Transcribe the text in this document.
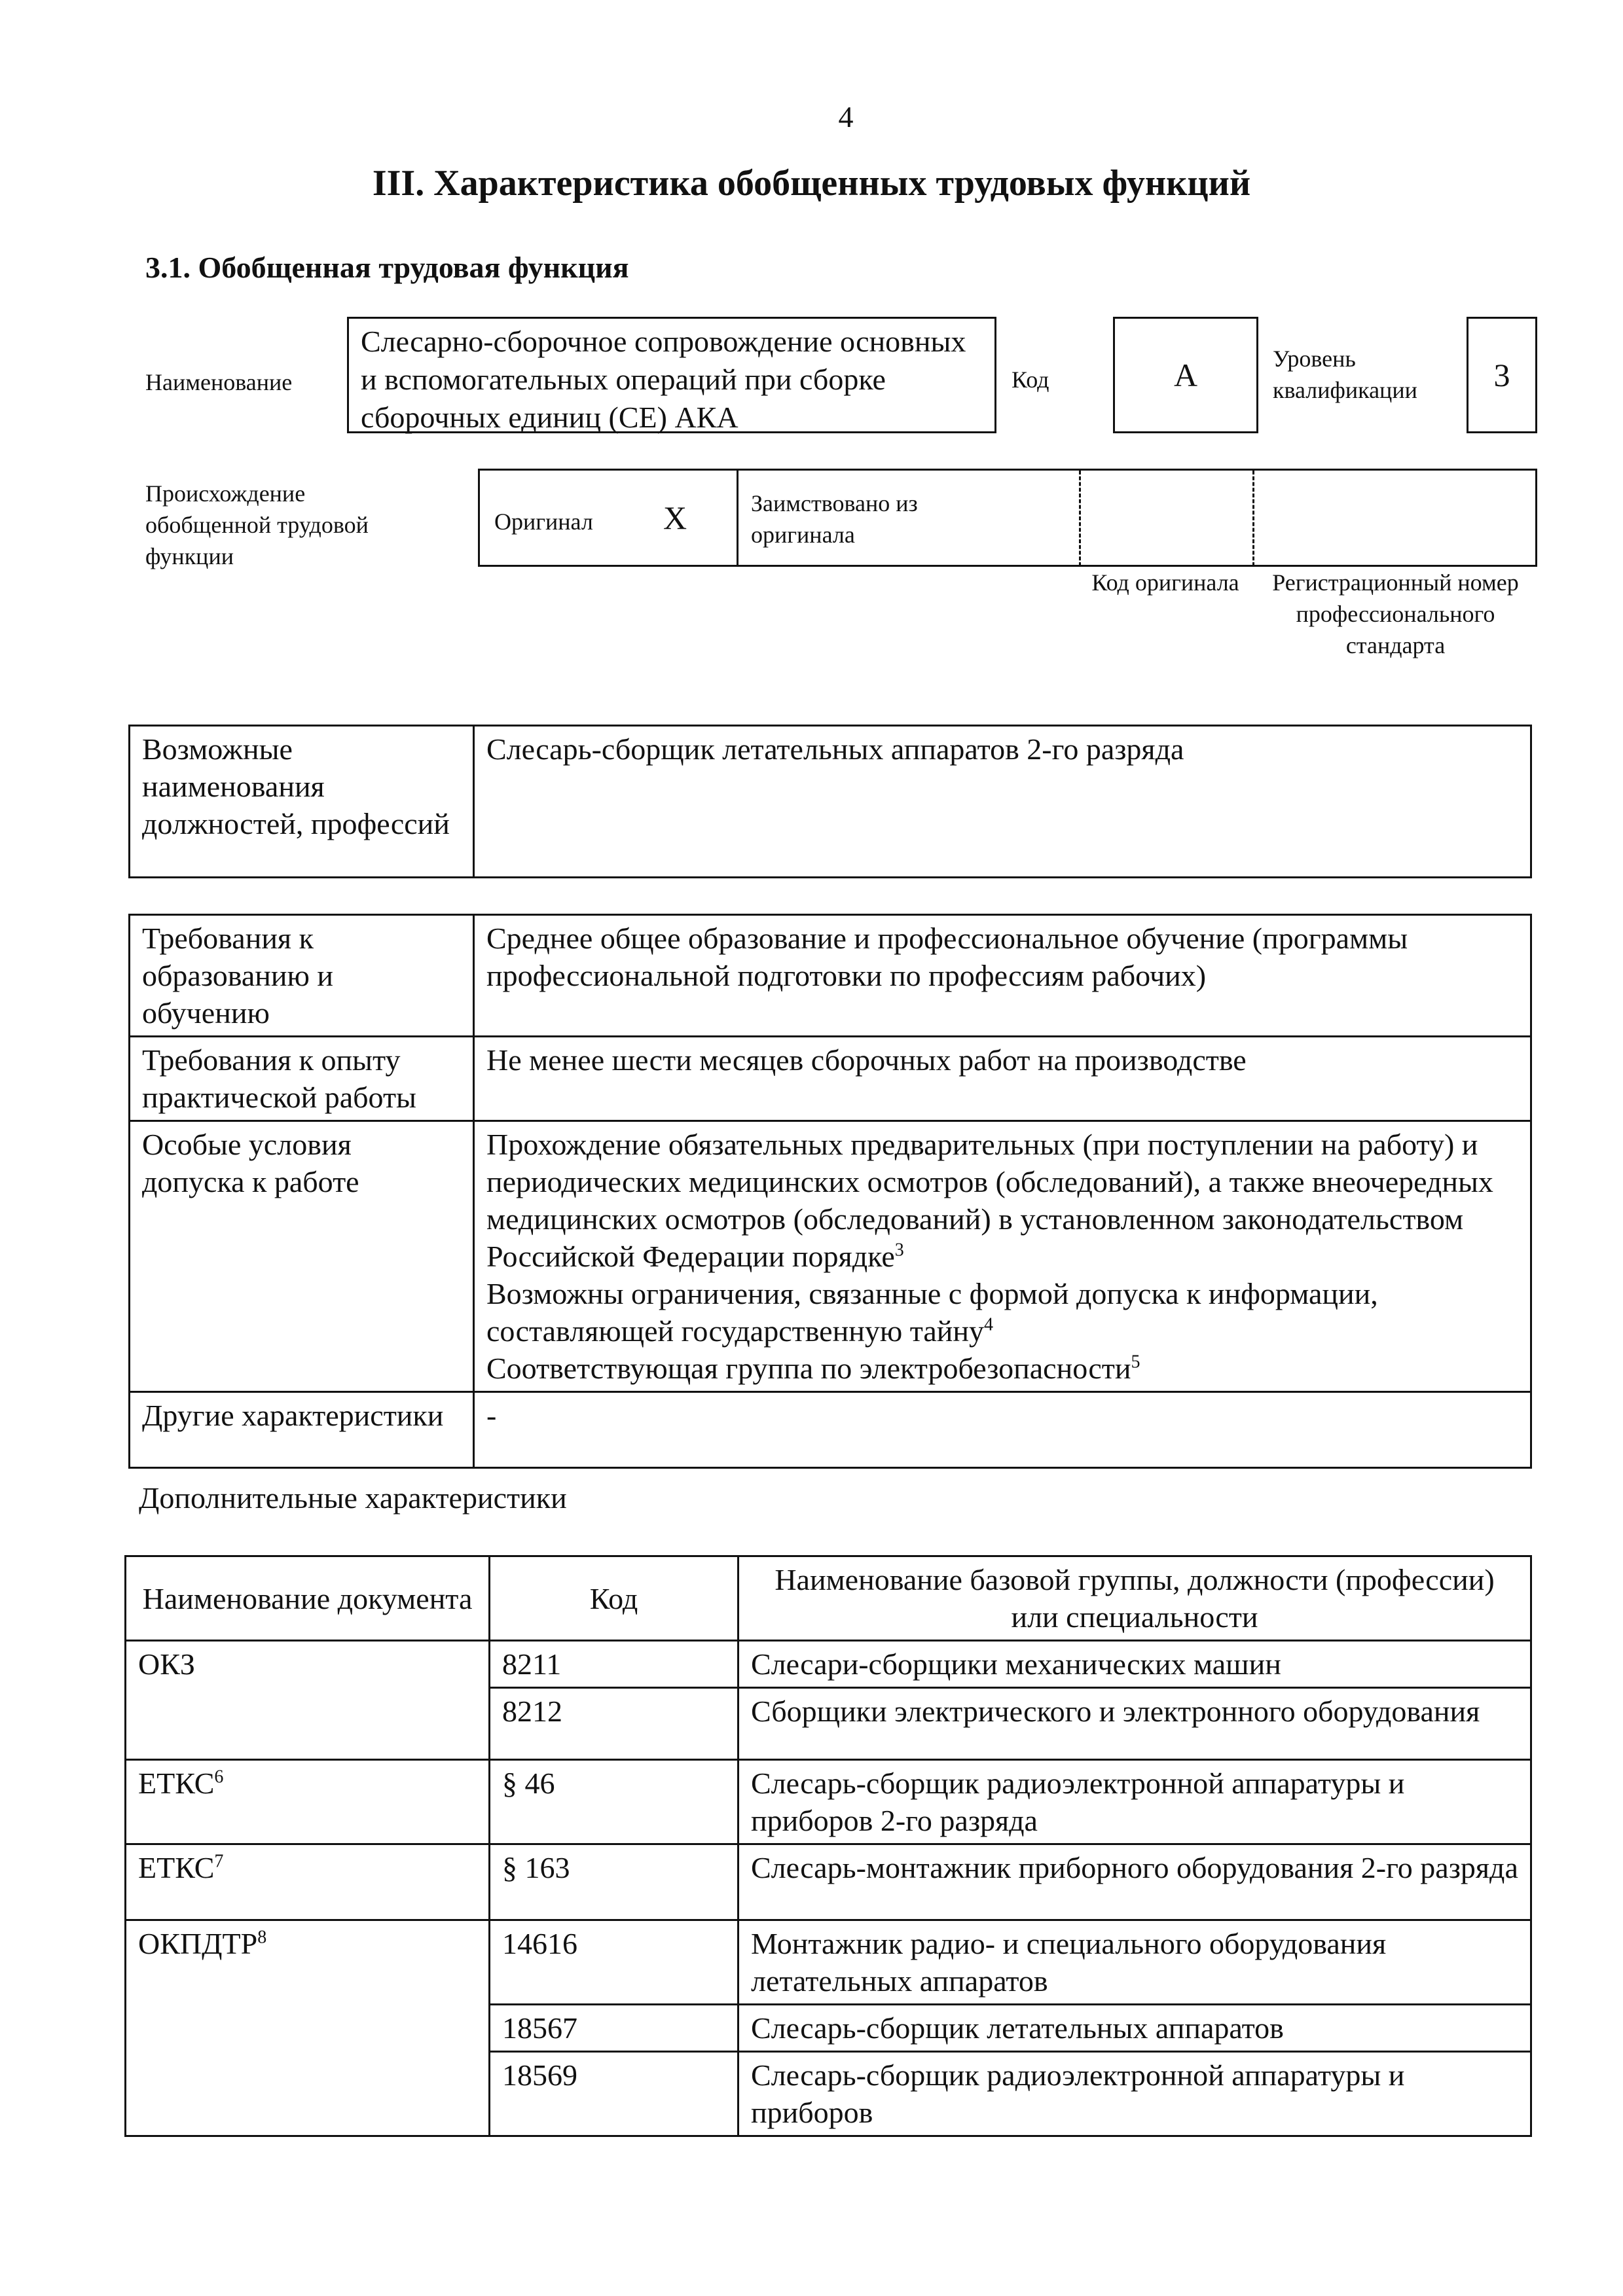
4
III. Характеристика обобщенных трудовых функций
3.1. Обобщенная трудовая функция
Наименование
Слесарно-сборочное сопровождение основных и вспомогательных операций при сборке сборочных единиц (СЕ) АКА
Код	А	Уровень квалификации	3
Происхождение обобщенной трудовой функции
Оригинал Х	Заимствовано из оригинала
Код оригинала	Регистрационный номер профессионального стандарта
Возможные наименования должностей, профессий	Слесарь-сборщик летательных аппаратов 2-го разряда
Требования к образованию и обучению	Среднее общее образование и профессиональное обучение (программы профессиональной подготовки по профессиям рабочих)
Требования к опыту практической работы	Не менее шести месяцев сборочных работ на производстве
Особые условия допуска к работе	Прохождение обязательных предварительных (при поступлении на работу) и периодических медицинских осмотров (обследований), а также внеочередных медицинских осмотров (обследований) в установленном законодательством Российской Федерации порядке$^3$
Возможны ограничения, связанные с формой допуска к информации, составляющей государственную тайну$^4$
Соответствующая группа по электробезопасности$^5$
Другие характеристики	-
Дополнительные характеристики
Наименование документа	Код	Наименование базовой группы, должности (профессии) или специальности
ОКЗ	8211	Слесари-сборщики механических машин
	8212	Сборщики электрического и электронного оборудования
ЕТКС$^6$	§ 46	Слесарь-сборщик радиоэлектронной аппаратуры и приборов 2-го разряда
ЕТКС$^7$	§ 163	Слесарь-монтажник приборного оборудования 2-го разряда
ОКПДТР$^8$	14616	Монтажник радио- и специального оборудования летательных аппаратов
	18567	Слесарь-сборщик летательных аппаратов
	18569	Слесарь-сборщик радиоэлектронной аппаратуры и приборов
